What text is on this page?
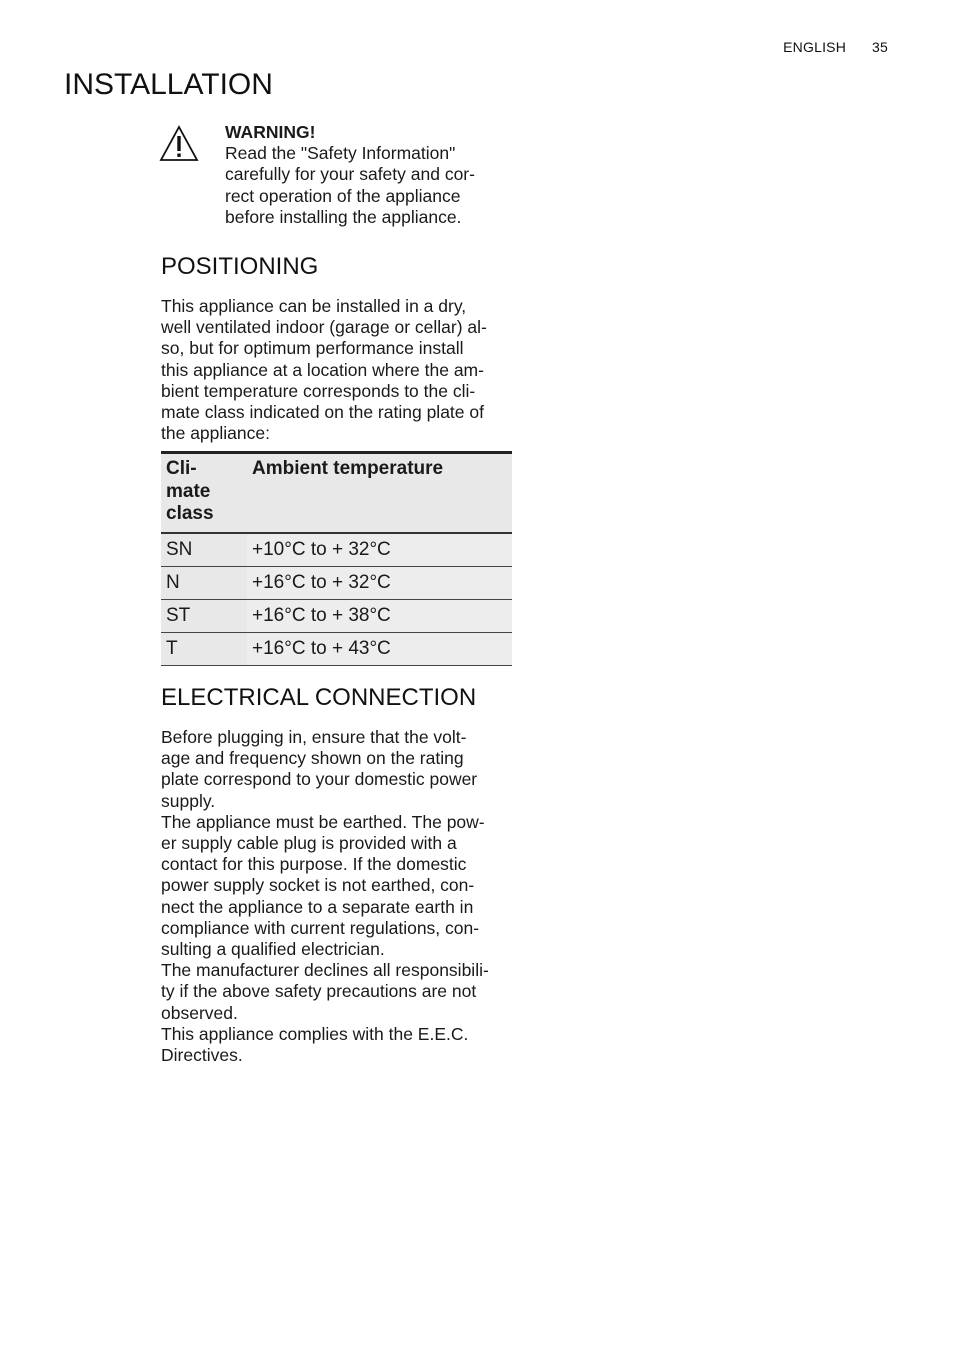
ENGLISH 35
INSTALLATION
WARNING!
Read the "Safety Information"
carefully for your safety and cor-
rect operation of the appliance
before installing the appliance.
POSITIONING

This appliance can be installed in a dry,

well ventilated indoor (garage or cellar) al-

so, but for optimum performance install

this appliance at a location where the am-

bient temperature corresponds to the cli-

mate class indicated on the rating plate of

the appliance:

Cli-
mate
class	Ambient temperature
SN	+10°C to + 32°C
N	+16°C to + 32°C
ST	+16°C to + 38°C
T	+16°C to + 43°C
ELECTRICAL CONNECTION

Before plugging in, ensure that the volt-

age and frequency shown on the rating

plate correspond to your domestic power

supply.

The appliance must be earthed. The pow-

er supply cable plug is provided with a

contact for this purpose. If the domestic

power supply socket is not earthed, con-

nect the appliance to a separate earth in

compliance with current regulations, con-

sulting a qualified electrician.

The manufacturer declines all responsibili-

ty if the above safety precautions are not

observed.

This appliance complies with the E.E.C.

Directives.
